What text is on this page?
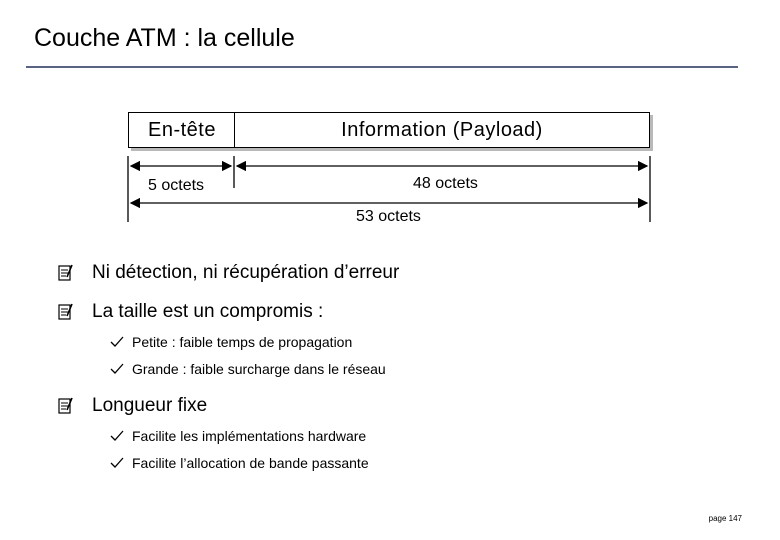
Couche ATM : la cellule
En-tête	Information (Payload)
5 octets	48 octets
53 octets
Ni détection, ni récupération d’erreur
La taille est un compromis :
Petite : faible temps de propagation
Grande : faible surcharge dans le réseau
Longueur fixe
Facilite les implémentations hardware
Facilite l’allocation de bande passante
page 147
